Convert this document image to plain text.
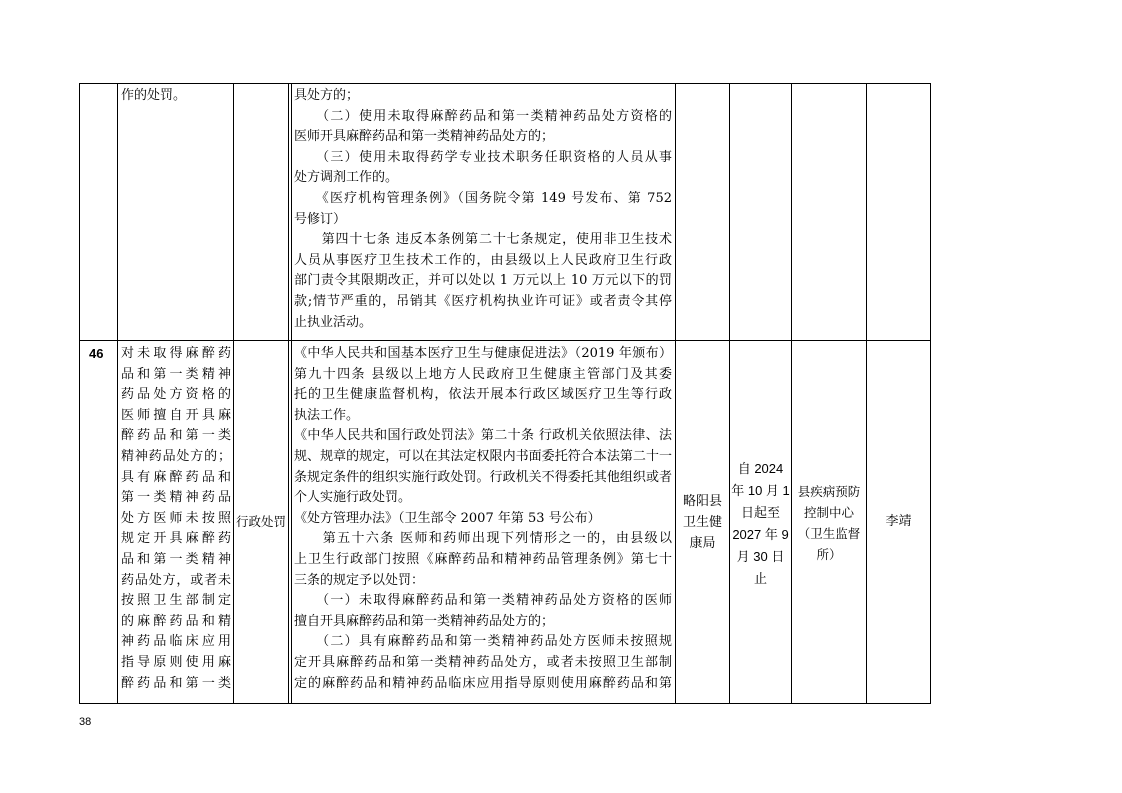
作的处罚。	具处方的；

　　（二）使用未取得麻醉药品和第一类精神药品处方资格的

医师开具麻醉药品和第一类精神药品处方的；

　　（三）使用未取得药学专业技术职务任职资格的人员从事

处方调剂工作的。

　　《医疗机构管理条例》（国务院令第 149 号发布、第 752

号修订）

　　第四十七条 违反本条例第二十七条规定，使用非卫生技术

人员从事医疗卫生技术工作的，由县级以上人民政府卫生行政

部门责令其限期改正，并可以处以 1 万元以上 10 万元以下的罚

款;情节严重的，吊销其《医疗机构执业许可证》或者责令其停

止执业活动。

46 对未取得麻醉药

品和第一类精神

药品处方资格的

医师擅自开具麻

醉药品和第一类

精神药品处方的；

具有麻醉药品和

第一类精神药品

处方医师未按照

规定开具麻醉药

品和第一类精神

药品处方，或者未

按照卫生部制定

的麻醉药品和精

神药品临床应用

指导原则使用麻

醉药品和第一类

行政处罚

《中华人民共和国基本医疗卫生与健康促进法》（2019 年颁布）

第九十四条 县级以上地方人民政府卫生健康主管部门及其委

托的卫生健康监督机构，依法开展本行政区域医疗卫生等行政

执法工作。

《中华人民共和国行政处罚法》第二十条 行政机关依照法律、法

规、规章的规定，可以在其法定权限内书面委托符合本法第二十一

条规定条件的组织实施行政处罚。行政机关不得委托其他组织或者

个人实施行政处罚。

《处方管理办法》（卫生部令 2007 年第 53 号公布）

　　第五十六条 医师和药师出现下列情形之一的，由县级以

上卫生行政部门按照《麻醉药品和精神药品管理条例》第七十

三条的规定予以处罚：

　　（一）未取得麻醉药品和第一类精神药品处方资格的医师

擅自开具麻醉药品和第一类精神药品处方的；

　　（二）具有麻醉药品和第一类精神药品处方医师未按照规

定开具麻醉药品和第一类精神药品处方，或者未按照卫生部制

定的麻醉药品和精神药品临床应用指导原则使用麻醉药品和第

略阳县

卫生健

康局

自 2024

年 10 月 1

日起至

2027 年 9

月 30 日

止

县疾病预防

控制中心

（卫生监督

所）

李靖

38
